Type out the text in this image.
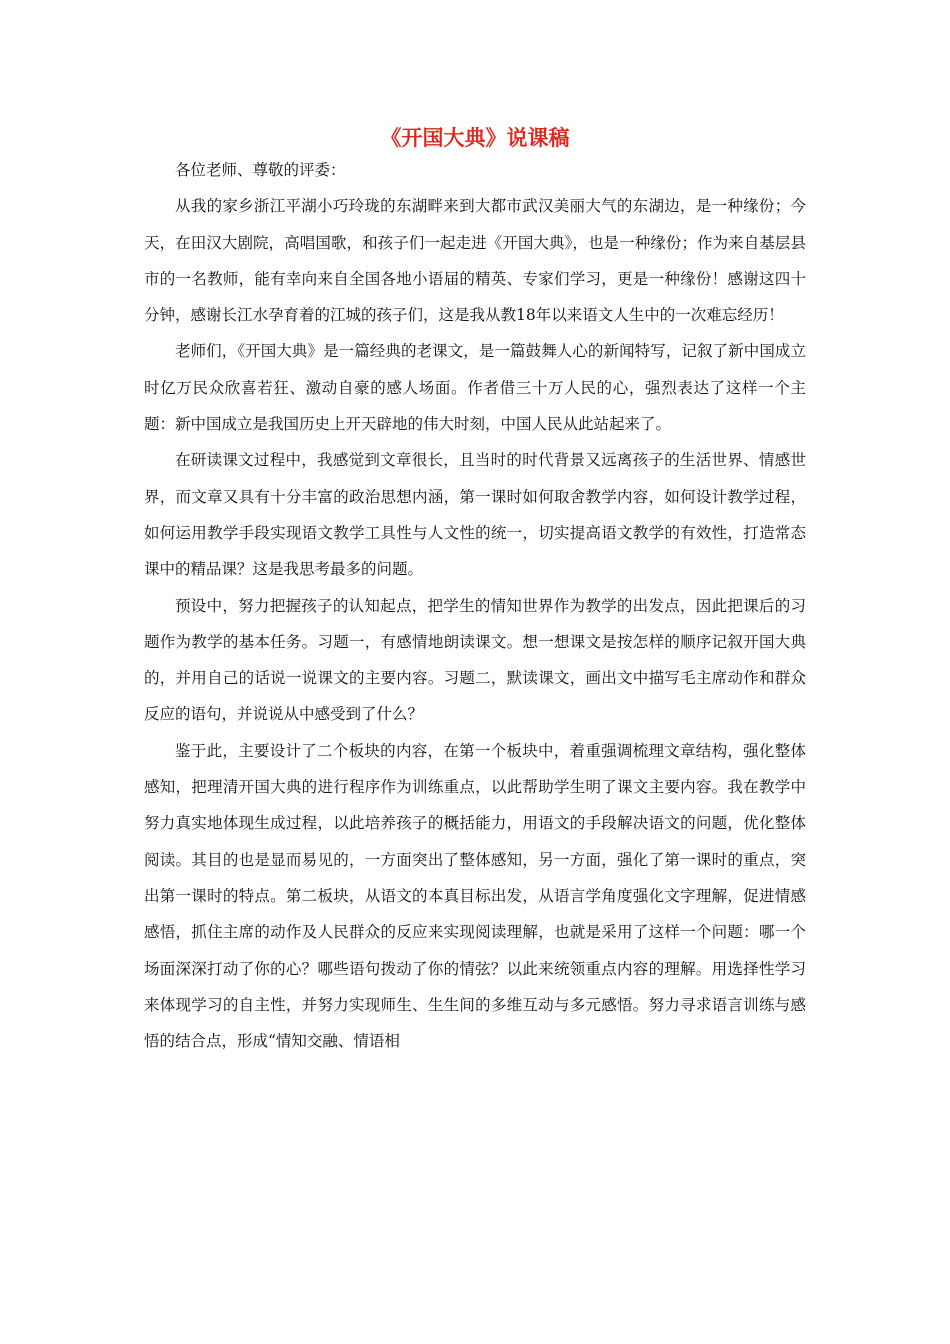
《开国大典》说课稿

各位老师、尊敬的评委：

从我的家乡浙江平湖小巧玲珑的东湖畔来到大都市武汉美丽大气的东湖边，是一种缘份；今天，在田汉大剧院，高唱国歌，和孩子们一起走进《开国大典》，也是一种缘份；作为来自基层县市的一名教师，能有幸向来自全国各地小语届的精英、专家们学习，更是一种缘份！感谢这四十分钟，感谢长江水孕育着的江城的孩子们，这是我从教18年以来语文人生中的一次难忘经历！

老师们，《开国大典》是一篇经典的老课文，是一篇鼓舞人心的新闻特写，记叙了新中国成立时亿万民众欣喜若狂、激动自豪的感人场面。作者借三十万人民的心，强烈表达了这样一个主题：新中国成立是我国历史上开天辟地的伟大时刻，中国人民从此站起来了。

在研读课文过程中，我感觉到文章很长，且当时的时代背景又远离孩子的生活世界、情感世界，而文章又具有十分丰富的政治思想内涵，第一课时如何取舍教学内容，如何设计教学过程，如何运用教学手段实现语文教学工具性与人文性的统一，切实提高语文教学的有效性，打造常态课中的精品课？这是我思考最多的问题。

预设中，努力把握孩子的认知起点，把学生的情知世界作为教学的出发点，因此把课后的习题作为教学的基本任务。习题一，有感情地朗读课文。想一想课文是按怎样的顺序记叙开国大典的，并用自己的话说一说课文的主要内容。习题二，默读课文，画出文中描写毛主席动作和群众反应的语句，并说说从中感受到了什么？

鉴于此，主要设计了二个板块的内容，在第一个板块中，着重强调梳理文章结构，强化整体感知，把理清开国大典的进行程序作为训练重点，以此帮助学生明了课文主要内容。我在教学中努力真实地体现生成过程，以此培养孩子的概括能力，用语文的手段解决语文的问题，优化整体阅读。其目的也是显而易见的，一方面突出了整体感知，另一方面，强化了第一课时的重点，突出第一课时的特点。第二板块，从语文的本真目标出发，从语言学角度强化文字理解，促进情感感悟，抓住主席的动作及人民群众的反应来实现阅读理解，也就是采用了这样一个问题：哪一个场面深深打动了你的心？哪些语句拨动了你的情弦？以此来统领重点内容的理解。用选择性学习来体现学习的自主性，并努力实现师生、生生间的多维互动与多元感悟。努力寻求语言训练与感悟的结合点，形成“情知交融、情语相
